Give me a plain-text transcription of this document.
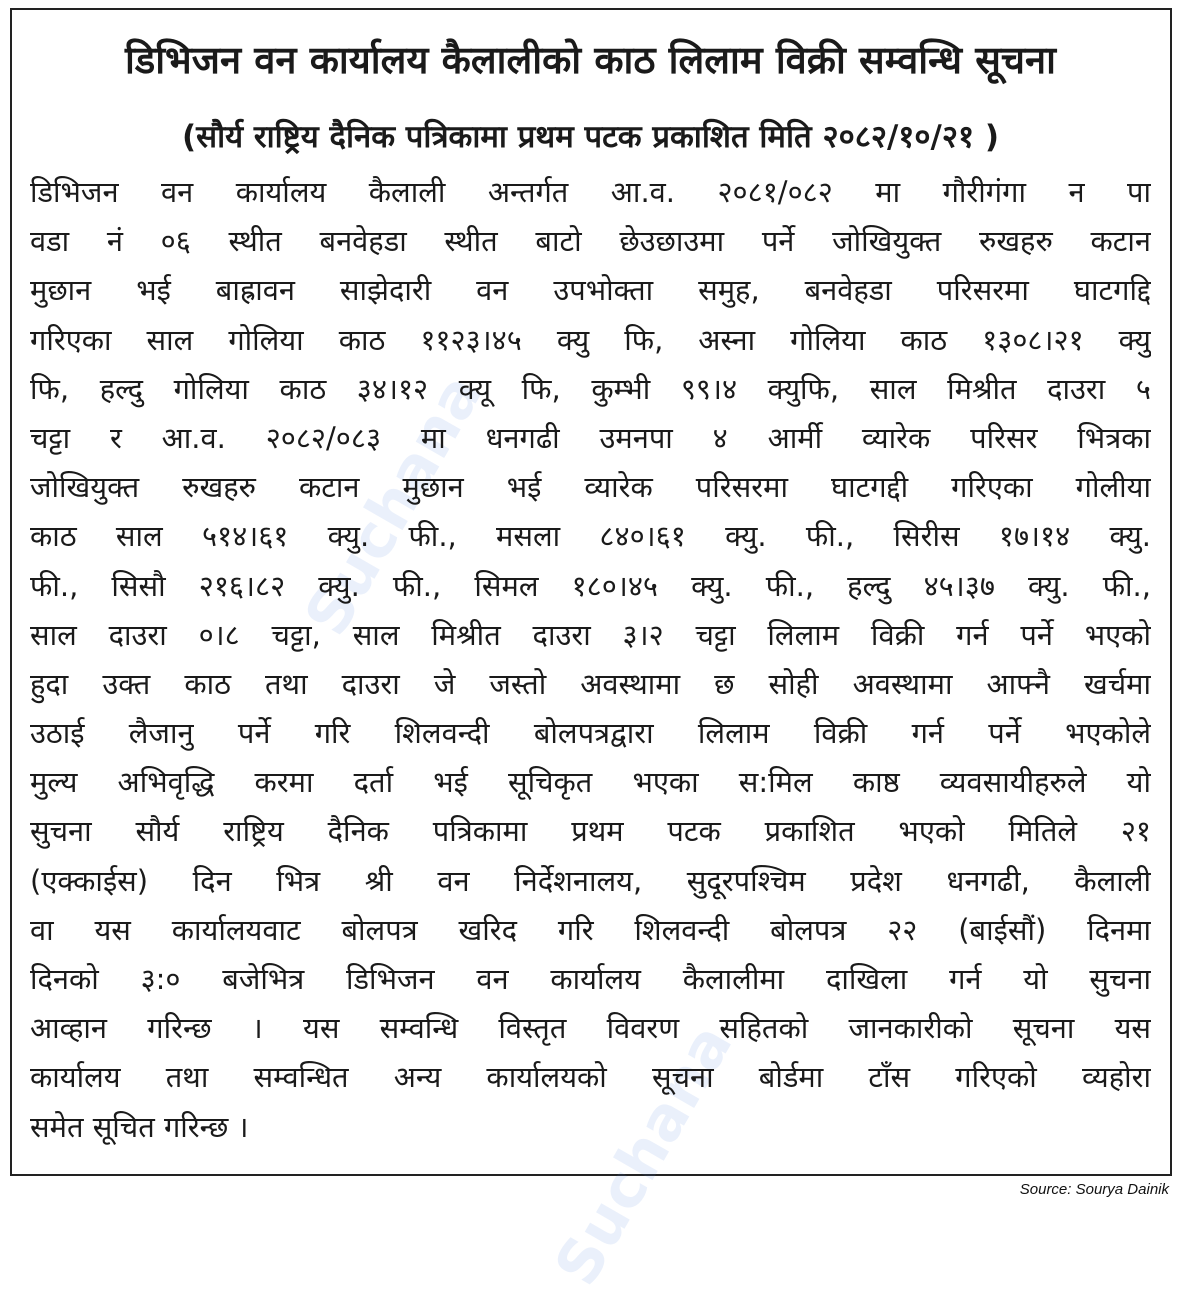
Suchana
Suchana
डिभिजन वन कार्यालय कैलालीको काठ लिलाम विक्री सम्वन्धि सूचना
(सौर्य राष्ट्रिय दैनिक पत्रिकामा प्रथम पटक प्रकाशित मिति २०८२/१०/२१ )
डिभिजन वन कार्यालय कैलाली अन्तर्गत आ.व. २०८१/०८२ मा गौरीगंगा न पा
वडा नं ०६ स्थीत बनवेहडा स्थीत बाटो छेउछाउमा पर्ने जोखियुक्त रुखहरु कटान
मुछान भई बाह्रावन साझेदारी वन उपभोक्ता समुह, बनवेहडा परिसरमा घाटगद्दि
गरिएका साल गोलिया काठ ११२३।४५ क्यु फि, अस्ना गोलिया काठ १३०८।२१ क्यु
फि, हल्दु गोलिया काठ ३४।१२ क्यू फि, कुम्भी ९९।४ क्युफि, साल मिश्रीत दाउरा ५
चट्टा र आ.व. २०८२/०८३ मा धनगढी उमनपा ४ आर्मी व्यारेक परिसर भित्रका
जोखियुक्त रुखहरु कटान मुछान भई व्यारेक परिसरमा घाटगद्दी गरिएका गोलीया
काठ साल ५१४।६१ क्यु. फी., मसला ८४०।६१ क्यु. फी., सिरीस १७।१४ क्यु.
फी., सिसौ २१६।८२ क्यु. फी., सिमल १८०।४५ क्यु. फी., हल्दु ४५।३७ क्यु. फी.,
साल दाउरा ०।८ चट्टा, साल मिश्रीत दाउरा ३।२ चट्टा लिलाम विक्री गर्न पर्ने भएको
हुदा उक्त काठ तथा दाउरा जे जस्तो अवस्थामा छ सोही अवस्थामा आफ्नै खर्चमा
उठाई लैजानु पर्ने गरि शिलवन्दी बोलपत्रद्वारा लिलाम विक्री गर्न पर्ने भएकोले
मुल्य अभिवृद्धि करमा दर्ता भई सूचिकृत भएका स:मिल काष्ठ व्यवसायीहरुले यो
सुचना सौर्य राष्ट्रिय दैनिक पत्रिकामा प्रथम पटक प्रकाशित भएको मितिले २१
(एक्काईस) दिन भित्र श्री वन निर्देशनालय, सुदूरपश्चिम प्रदेश धनगढी, कैलाली
वा यस कार्यालयवाट बोलपत्र खरिद गरि शिलवन्दी बोलपत्र २२ (बाईसौं) दिनमा
दिनको ३:० बजेभित्र डिभिजन वन कार्यालय कैलालीमा दाखिला गर्न यो सुचना
आव्हान गरिन्छ । यस सम्वन्धि विस्तृत विवरण सहितको जानकारीको सूचना यस
कार्यालय तथा सम्वन्धित अन्य कार्यालयको सूचना बोर्डमा टाँस गरिएको व्यहोरा
समेत सूचित गरिन्छ ।
Source: Sourya Dainik
